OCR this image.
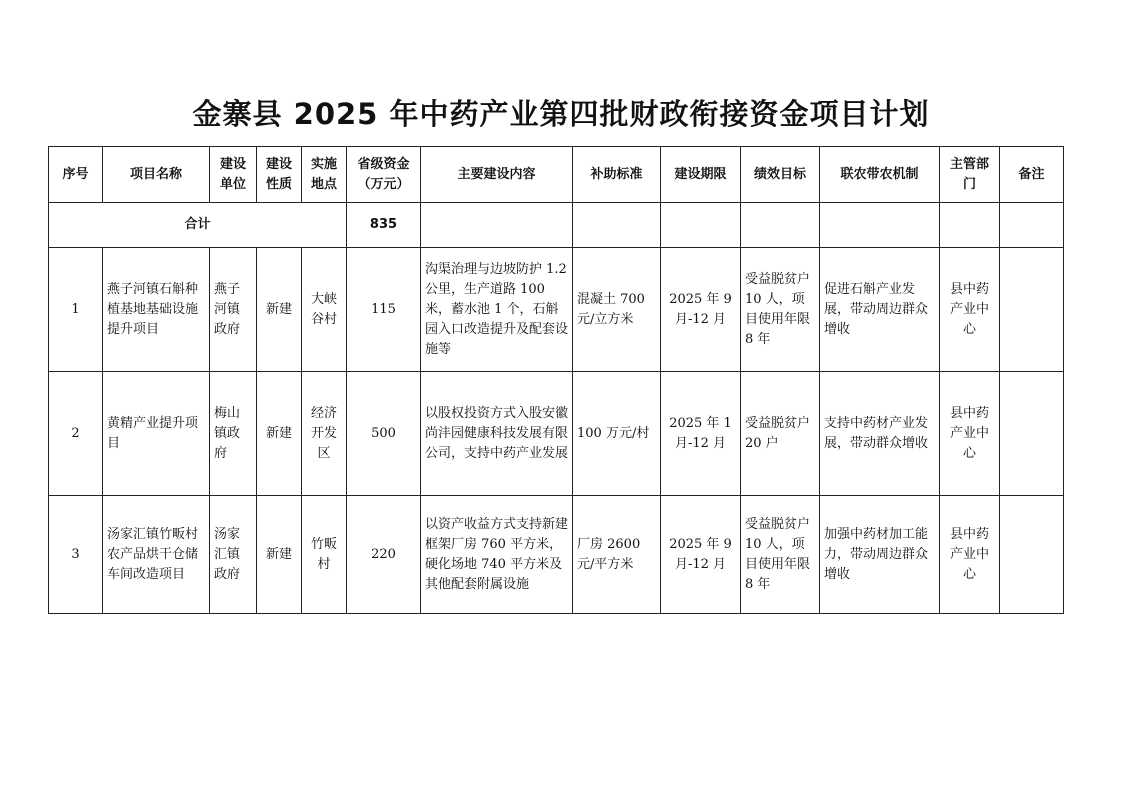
金寨县 2025 年中药产业第四批财政衔接资金项目计划
序号	项目名称	建设单位	建设性质	实施地点	省级资金（万元）	主要建设内容	补助标准	建设期限	绩效目标	联农带农机制	主管部门	备注
合计					835							
1	燕子河镇石斛种植基地基础设施提升项目	燕子河镇政府	新建	大峡谷村	115	沟渠治理与边坡防护 1.2 公里，生产道路 100 米，蓄水池 1 个，石斛园入口改造提升及配套设施等	混凝土 700 元/立方米	2025 年 9 月-12 月	受益脱贫户 10 人，项目使用年限 8 年	促进石斛产业发展，带动周边群众增收	县中药产业中心	
2	黄精产业提升项目	梅山镇政府	新建	经济开发区	500	以股权投资方式入股安徽尚沣园健康科技发展有限公司，支持中药产业发展	100 万元/村	2025 年 1 月-12 月	受益脱贫户 20 户	支持中药材产业发展，带动群众增收	县中药产业中心	
3	汤家汇镇竹畈村农产品烘干仓储车间改造项目	汤家汇镇政府	新建	竹畈村	220	以资产收益方式支持新建框架厂房 760 平方米，硬化场地 740 平方米及其他配套附属设施	厂房 2600 元/平方米	2025 年 9 月-12 月	受益脱贫户 10 人，项目使用年限 8 年	加强中药材加工能力，带动周边群众增收	县中药产业中心	
